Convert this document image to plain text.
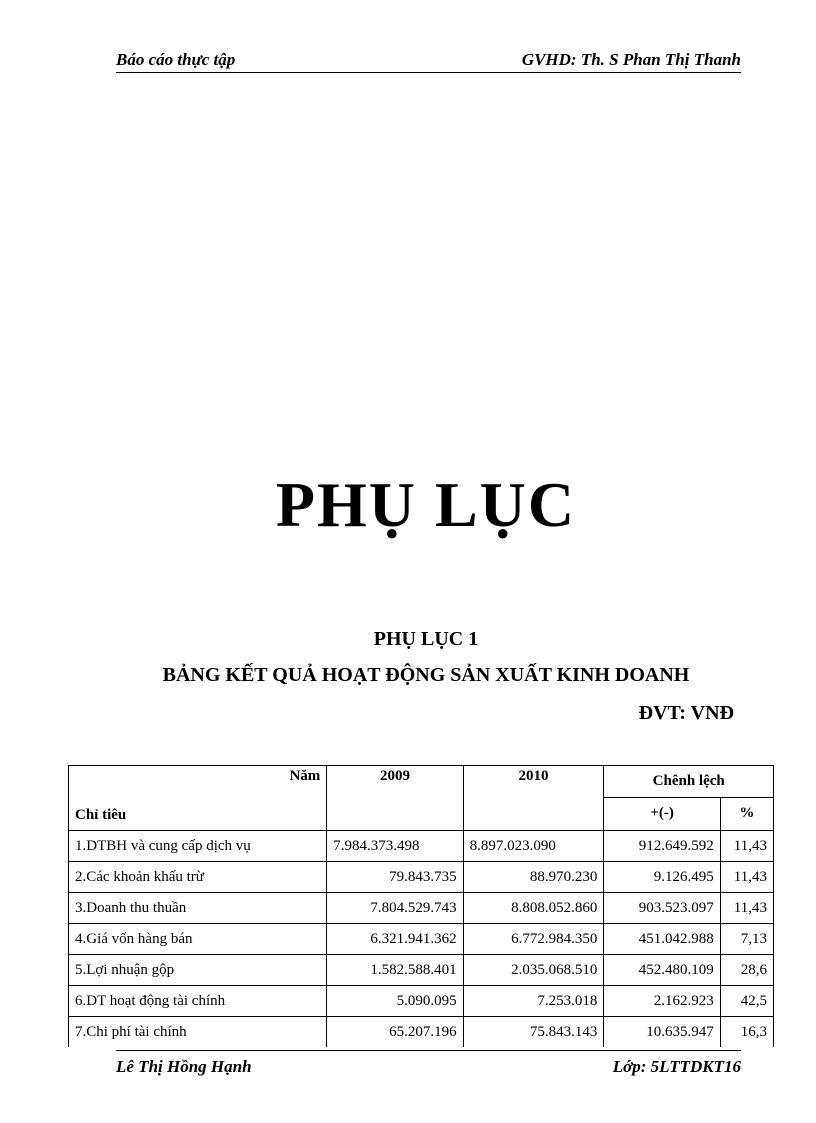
Báo cáo thực tập	GVHD: Th. S Phan Thị Thanh
PHỤ LỤC
PHỤ LỤC 1
BẢNG KẾT QUẢ HOẠT ĐỘNG SẢN XUẤT KINH DOANH
ĐVT: VNĐ
Năm	2009	2010	Chênh lệch	
Chỉ tiêu			+(-)	%
1.DTBH và cung cấp dịch vụ	7.984.373.498	8.897.023.090	912.649.592	11,43
2.Các khoản khấu trừ	79.843.735	88.970.230	9.126.495	11,43
3.Doanh thu thuần	7.804.529.743	8.808.052.860	903.523.097	11,43
4.Giá vốn hàng bán	6.321.941.362	6.772.984.350	451.042.988	7,13
5.Lợi nhuận gộp	1.582.588.401	2.035.068.510	452.480.109	28,6
6.DT hoạt động tài chính	5.090.095	7.253.018	2.162.923	42,5
7.Chi phí tài chính	65.207.196	75.843.143	10.635.947	16,3

Lê Thị Hồng Hạnh	Lớp: 5LTTDKT16
